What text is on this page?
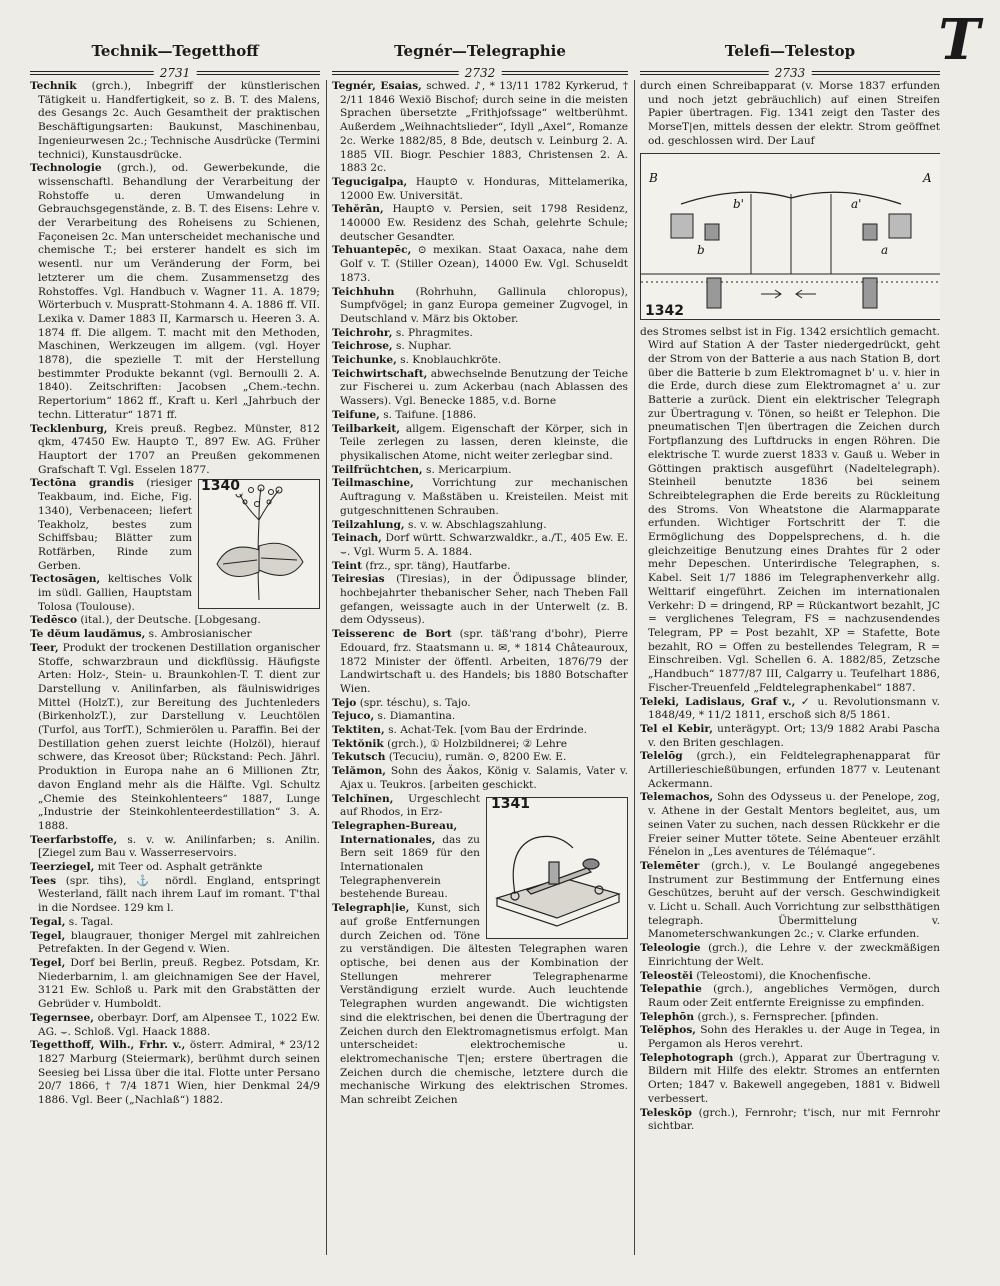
Technik—Tegetthoff	Tegnér—Telegraphie	Telefi—Telestop	T
2731	2732	2733

Technik (grch.), Inbegriff der künstlerischen Tätigkeit u. Handfertigkeit, so z. B. T. des Malens, des Gesangs 2c. Auch Gesamtheit der praktischen Beschäftigungsarten: Baukunst, Maschinenbau, Ingenieurwesen 2c.; Technische Ausdrücke (Termini technici), Kunstausdrücke.

Technologie (grch.), od. Gewerbekunde, die wissenschaftl. Behandlung der Verarbeitung der Rohstoffe u. deren Umwandelung in Gebrauchsgegenstände, z. B. T. des Eisens: Lehre v. der Verarbeitung des Roheisens zu Schienen, Façoneisen 2c. Man unterscheidet mechanische und chemische T.; bei ersterer handelt es sich im wesentl. nur um Veränderung der Form, bei letzterer um die chem. Zusammensetzg des Rohstoffes. Vgl. Handbuch v. Wagner 11. A. 1879; Wörterbuch v. Muspratt-Stohmann 4. A. 1886 ff. VII. Lexika v. Damer 1883 II, Karmarsch u. Heeren 3. A. 1874 ff. Die allgem. T. macht mit den Methoden, Maschinen, Werkzeugen im allgem. (vgl. Hoyer 1878), die spezielle T. mit der Herstellung bestimmter Produkte bekannt (vgl. Bernoulli 2. A. 1840). Zeitschriften: Jacobsen „Chem.-techn. Repertorium“ 1862 ff., Kraft u. Kerl „Jahrbuch der techn. Litteratur“ 1871 ff.

Tecklenburg, Kreis preuß. Regbez. Münster, 812 qkm, 47450 Ew. Haupt⊙ T., 897 Ew. AG. Früher Hauptort der 1707 an Preußen gekommenen Grafschaft T. Vgl. Esselen 1877.

1340

Tectōna grandis (riesiger Teakbaum, ind. Eiche, Fig. 1340), Verbenaceen; liefert Teakholz, bestes zum Schiffsbau; Blätter zum Rotfärben, Rinde zum Gerben.

Tectosāgen, keltisches Volk im südl. Gallien, Hauptstam Tolosa (Toulouse).

Tedēsco (ital.), der Deutsche. [Lobgesang.

Te dĕum laudămus, s. Ambrosianischer

Teer, Produkt der trockenen Destillation organischer Stoffe, schwarzbraun und dickflüssig. Häufigste Arten: Holz-, Stein- u. Braunkohlen-T. T. dient zur Darstellung v. Anilinfarben, als fäulniswidriges Mittel (HolzT.), zur Bereitung des Juchtenleders (BirkenholzT.), zur Darstellung v. Leuchtölen (Turfol, aus TorfT.), Schmierölen u. Paraffin. Bei der Destillation gehen zuerst leichte (Holzöl), hierauf schwere, das Kreosot über; Rückstand: Pech. Jährl. Produktion in Europa nahe an 6 Millionen Ztr, davon England mehr als die Hälfte. Vgl. Schultz „Chemie des Steinkohlenteers“ 1887, Lunge „Industrie der Steinkohlenteerdestillation“ 3. A. 1888.

Teerfarbstoffe, s. v. w. Anilinfarben; s. Anilin. [Ziegel zum Bau v. Wasserreservoirs.

Teerziegel, mit Teer od. Asphalt getränkte

Tees (spr. tihs), ⚓ nördl. England, entspringt Westerland, fällt nach ihrem Lauf im romant. T'thal in die Nordsee. 129 km l.

Tegal, s. Tagal.

Tegel, blaugrauer, thoniger Mergel mit zahlreichen Petrefakten. In der Gegend v. Wien.

Tegel, Dorf bei Berlin, preuß. Regbez. Potsdam, Kr. Niederbarnim, l. am gleichnamigen See der Havel, 3121 Ew. Schloß u. Park mit den Grabstätten der Gebrüder v. Humboldt.

Tegernsee, oberbayr. Dorf, am Alpensee T., 1022 Ew. AG. ⌣. Schloß. Vgl. Haack 1888.

Tegetthoff, Wilh., Frhr. v., österr. Admiral, * 23/12 1827 Marburg (Steiermark), berühmt durch seinen Seesieg bei Lissa über die ital. Flotte unter Persano 20/7 1866, † 7/4 1871 Wien, hier Denkmal 24/9 1886. Vgl. Beer („Nachlaß“) 1882.

Tegnér, Esaias, schwed. ♪, * 13/11 1782 Kyrkerud, † 2/11 1846 Wexiö Bischof; durch seine in die meisten Sprachen übersetzte „Frithjofssage“ weltberühmt. Außerdem „Weihnachtslieder“, Idyll „Axel“, Romanze 2c. Werke 1882/85, 8 Bde, deutsch v. Leinburg 2. A. 1885 VII. Biogr. Peschier 1883, Christensen 2. A. 1883 2c.

Tegucigalpa, Haupt⊙ v. Honduras, Mittelamerika, 12000 Ew. Universität.

Tehĕrān, Haupt⊙ v. Persien, seit 1798 Residenz, 140000 Ew. Residenz des Schah, gelehrte Schule; deutscher Gesandter.

Tehuantepēc, ⊙ mexikan. Staat Oaxaca, nahe dem Golf v. T. (Stiller Ozean), 14000 Ew. Vgl. Schuseldt 1873.

Teichhuhn (Rohrhuhn, Gallinula chloropus), Sumpfvögel; in ganz Europa gemeiner Zugvogel, in Deutschland v. März bis Oktober.

Teichrohr, s. Phragmites.

Teichrose, s. Nuphar.

Teichunke, s. Knoblauchkröte.

Teichwirtschaft, abwechselnde Benutzung der Teiche zur Fischerei u. zum Ackerbau (nach Ablassen des Wassers). Vgl. Benecke 1885, v.d. Borne

Teifune, s. Taifune. [1886.

Teilbarkeit, allgem. Eigenschaft der Körper, sich in Teile zerlegen zu lassen, deren kleinste, die physikalischen Atome, nicht weiter zerlegbar sind.

Teilfrüchtchen, s. Mericarpium.

Teilmaschine, Vorrichtung zur mechanischen Auftragung v. Maßstäben u. Kreisteilen. Meist mit gutgeschnittenen Schrauben.

Teilzahlung, s. v. w. Abschlagszahlung.

Teinach, Dorf württ. Schwarzwaldkr., a./T., 405 Ew. E. ⌣. Vgl. Wurm 5. A. 1884.

Teint (frz., spr. täng), Hautfarbe.

Teiresias (Tiresias), in der Ödipussage blinder, hochbejahrter thebanischer Seher, nach Theben Fall gefangen, weissagte auch in der Unterwelt (z. B. dem Odysseus).

Teisserenc de Bort (spr. täß'rang d'bohr), Pierre Edouard, frz. Staatsmann u. ✉, * 1814 Châteauroux, 1872 Minister der öffentl. Arbeiten, 1876/79 der Landwirtschaft u. des Handels; bis 1880 Botschafter Wien.

Tejo (spr. téschu), s. Tajo.

Tejuco, s. Diamantina.

Tektiten, s. Achat-Tek. [vom Bau der Erdrinde.

Tektŏnik (grch.), ① Holzbildnerei; ② Lehre

Tekutsch (Tecuciu), rumän. ⊙, 8200 Ew. E.

Telămon, Sohn des Äakos, König v. Salamis, Vater v. Ajax u. Teukros. [arbeiten geschickt.

1341

Telchĭnen, Urgeschlecht auf Rhodos, in Erz-

Telegraphen-Bureau, Internationales, das zu Bern seit 1869 für den Internationalen Telegraphenverein bestehende Bureau.

Telegraph|ie, Kunst, sich auf große Entfernungen durch Zeichen od. Töne zu verständigen. Die ältesten Telegraphen waren optische, bei denen aus der Kombination der Stellungen mehrerer Telegraphenarme Verständigung erzielt wurde. Auch leuchtende Telegraphen wurden angewandt. Die wichtigsten sind die elektrischen, bei denen die Übertragung der Zeichen durch den Elektromagnetismus erfolgt. Man unterscheidet: elektrochemische u. elektromechanische T|en; erstere übertragen die Zeichen durch die chemische, letztere durch die mechanische Wirkung des elektrischen Stromes. Man schreibt Zeichen

durch einen Schreibapparat (v. Morse 1837 erfunden und noch jetzt gebräuchlich) auf einen Streifen Papier übertragen. Fig. 1341 zeigt den Taster des MorseT|en, mittels dessen der elektr. Strom geöffnet od. geschlossen wird. Der Lauf

1342
B
b'
b
a'
a
A

des Stromes selbst ist in Fig. 1342 ersichtlich gemacht. Wird auf Station A der Taster niedergedrückt, geht der Strom von der Batterie a aus nach Station B, dort über die Batterie b zum Elektromagnet b' u. v. hier in die Erde, durch diese zum Elektromagnet a' u. zur Batterie a zurück. Dient ein elektrischer Telegraph zur Übertragung v. Tönen, so heißt er Telephon. Die pneumatischen T|en übertragen die Zeichen durch Fortpflanzung des Luftdrucks in engen Röhren. Die elektrische T. wurde zuerst 1833 v. Gauß u. Weber in Göttingen praktisch ausgeführt (Nadeltelegraph). Steinheil benutzte 1836 bei seinem Schreibtelegraphen die Erde bereits zu Rückleitung des Stroms. Von Wheatstone die Alarmapparate erfunden. Wichtiger Fortschritt der T. die Ermöglichung des Doppelsprechens, d. h. die gleichzeitige Benutzung eines Drahtes für 2 oder mehr Depeschen. Unterirdische Telegraphen, s. Kabel. Seit 1/7 1886 im Telegraphenverkehr allg. Welttarif eingeführt. Zeichen im internationalen Verkehr: D = dringend, RP = Rückantwort bezahlt, JC = verglichenes Telegram, FS = nachzusendendes Telegram, PP = Post bezahlt, XP = Stafette, Bote bezahlt, RO = Offen zu bestellendes Telegram, R = Einschreiben. Vgl. Schellen 6. A. 1882/85, Zetzsche „Handbuch“ 1877/87 III, Calgarry u. Teufelhart 1886, Fischer-Treuenfeld „Feldtelegraphenkabel“ 1887.

Teleki, Ladislaus, Graf v., ✓ u. Revolutionsmann v. 1848/49, * 11/2 1811, erschoß sich 8/5 1861.

Tel el Kebir, unterägypt. Ort; 13/9 1882 Arabi Pascha v. den Briten geschlagen.

Telelōg (grch.), ein Feldtelegraphenapparat für Artillerieschießübungen, erfunden 1877 v. Leutenant Ackermann.

Telemachos, Sohn des Odysseus u. der Penelope, zog, v. Athene in der Gestalt Mentors begleitet, aus, um seinen Vater zu suchen, nach dessen Rückkehr er die Freier seiner Mutter tötete. Seine Abenteuer erzählt Fénelon in „Les aventures de Télémaque“.

Telemēter (grch.), v. Le Boulangé angegebenes Instrument zur Bestimmung der Entfernung eines Geschützes, beruht auf der versch. Geschwindigkeit v. Licht u. Schall. Auch Vorrichtung zur selbstthätigen telegraph. Übermittelung v. Manometerschwankungen 2c.; v. Clarke erfunden.

Teleologie (grch.), die Lehre v. der zweckmäßigen Einrichtung der Welt.

Teleostĕi (Teleostomi), die Knochenfische.

Telepathie (grch.), angebliches Vermögen, durch Raum oder Zeit entfernte Ereignisse zu empfinden.

Telephōn (grch.), s. Fernsprecher. [pfinden.

Telĕphos, Sohn des Herakles u. der Auge in Tegea, in Pergamon als Heros verehrt.

Telephotograph (grch.), Apparat zur Übertragung v. Bildern mit Hilfe des elektr. Stromes an entfernten Orten; 1847 v. Bakewell angegeben, 1881 v. Bidwell verbessert.

Teleskōp (grch.), Fernrohr; t'isch, nur mit Fernrohr sichtbar.
